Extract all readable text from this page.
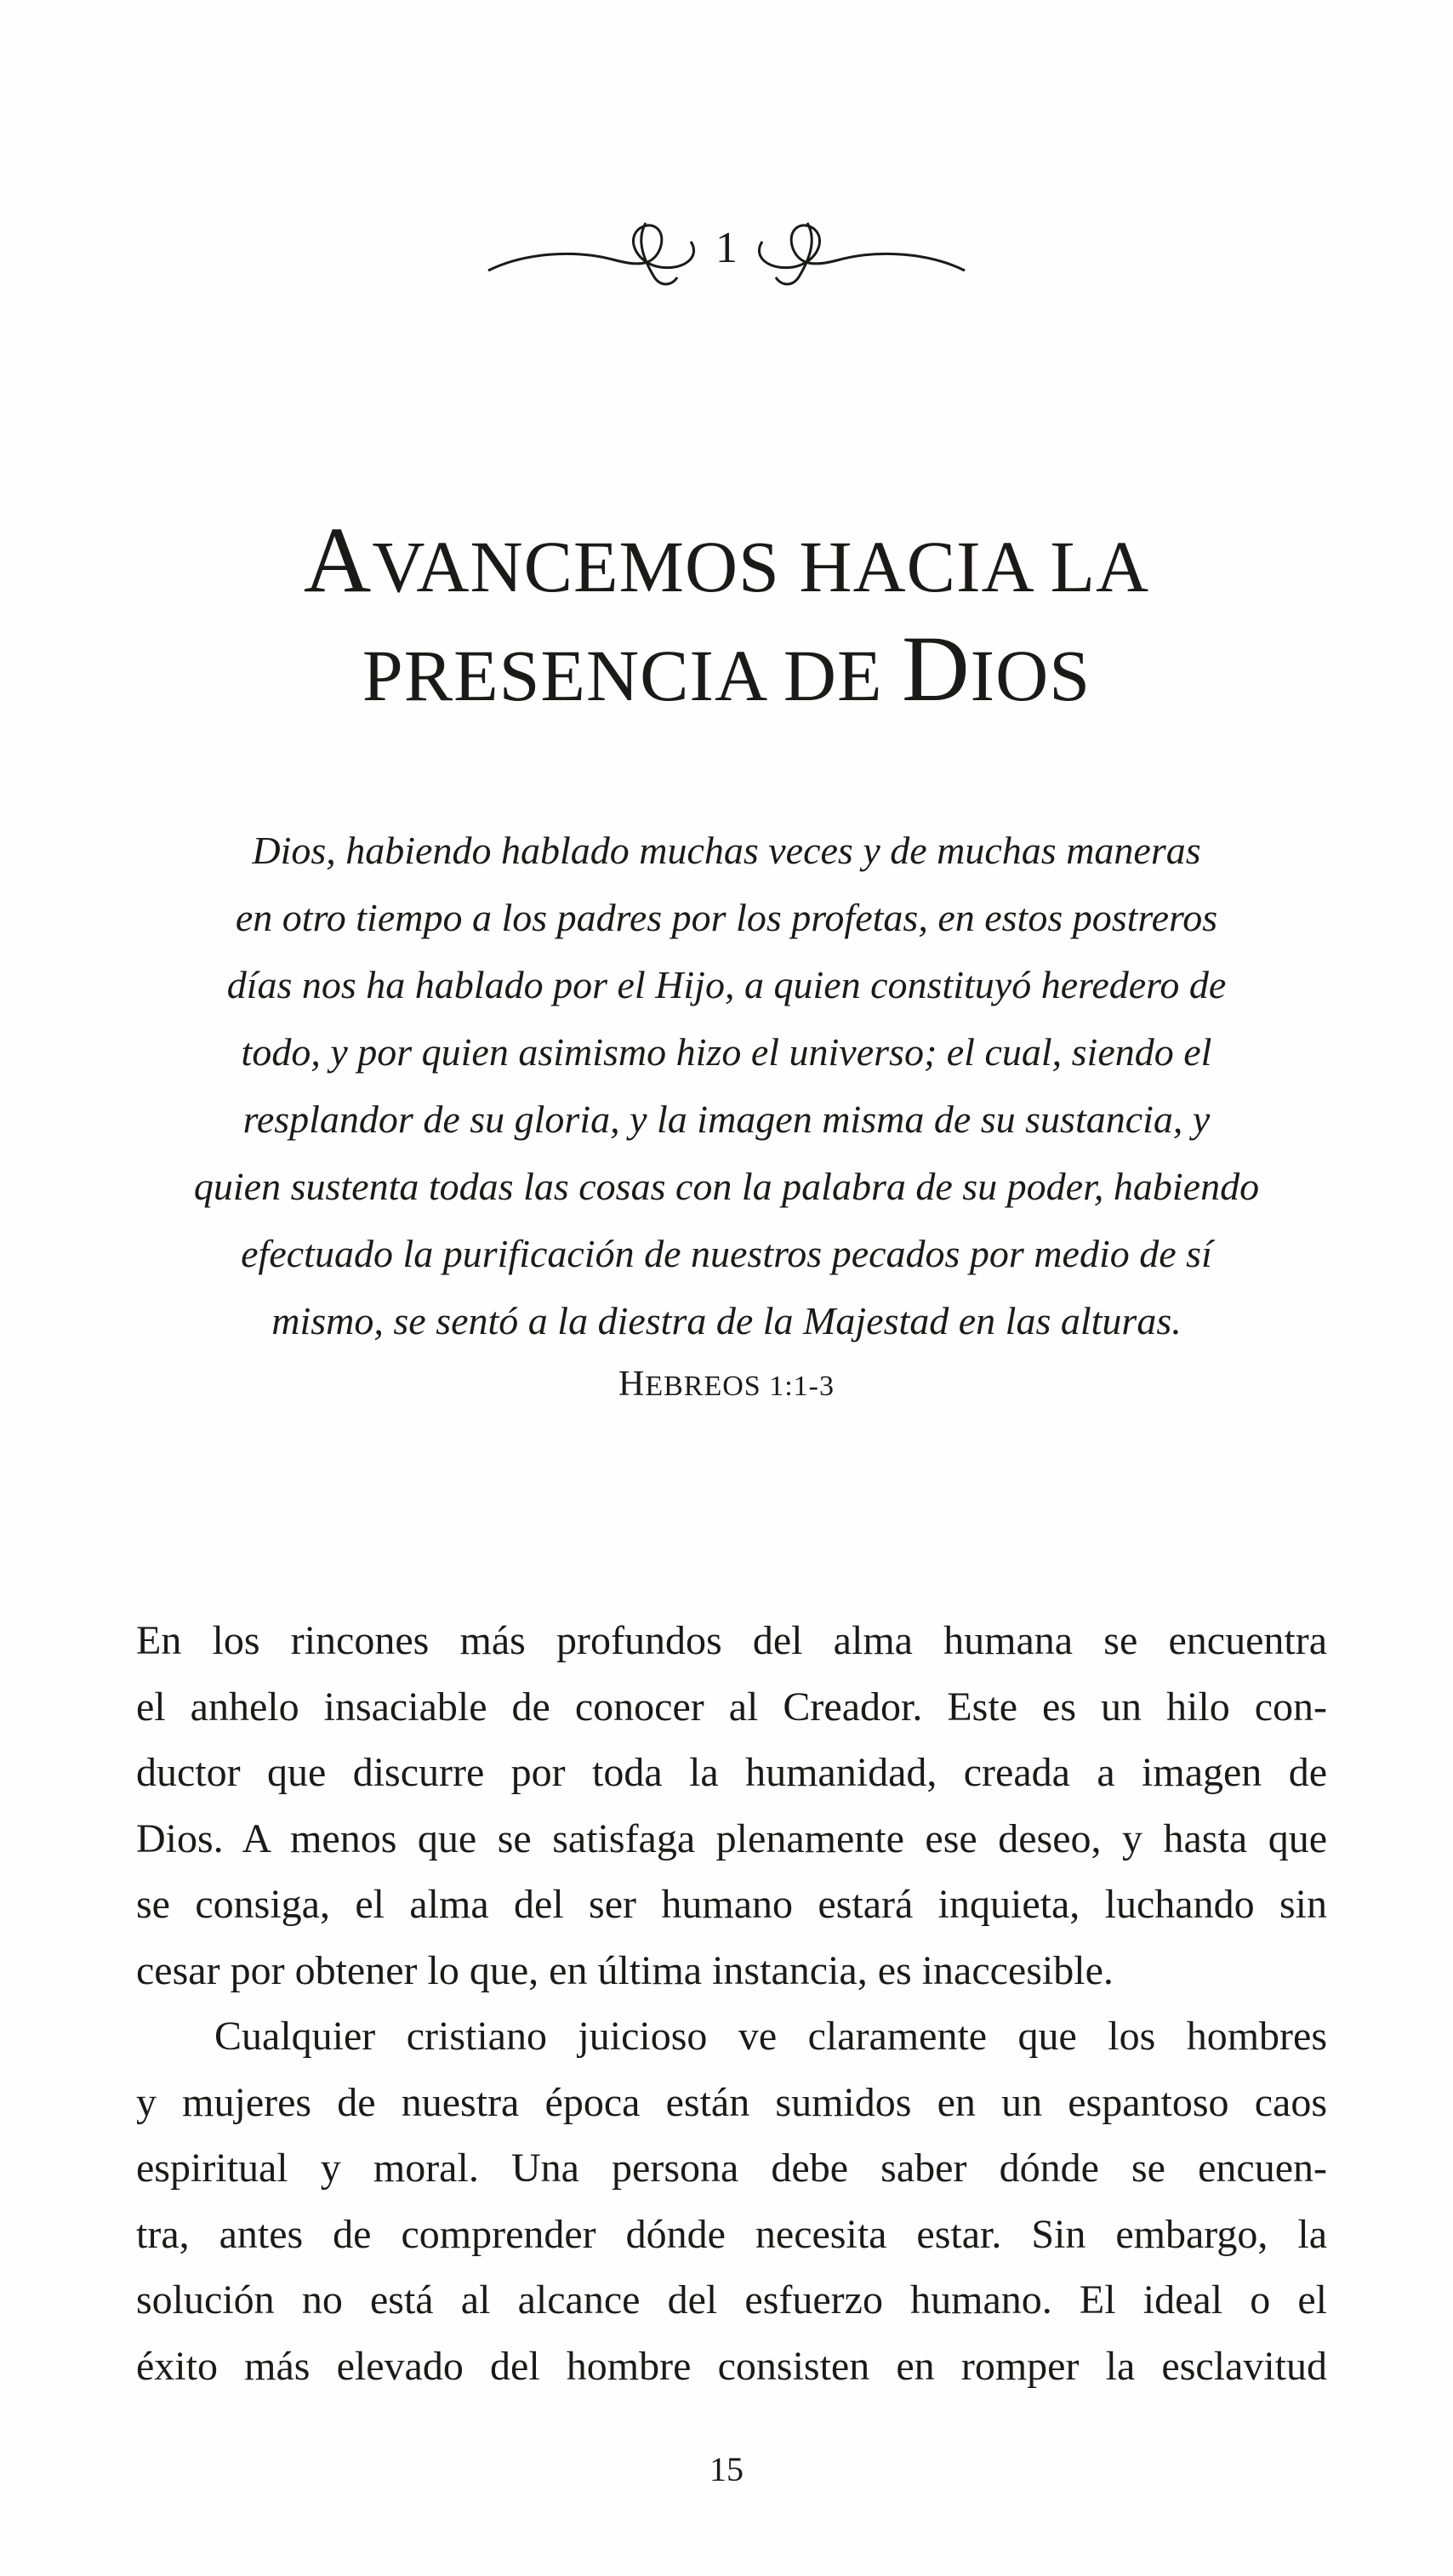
1
AVANCEMOS HACIA LA
PRESENCIA DE DIOS
Dios, habiendo hablado muchas veces y de muchas maneras
en otro tiempo a los padres por los profetas, en estos postreros
días nos ha hablado por el Hijo, a quien constituyó heredero de
todo, y por quien asimismo hizo el universo; el cual, siendo el
resplandor de su gloria, y la imagen misma de su sustancia, y
quien sustenta todas las cosas con la palabra de su poder, habiendo
efectuado la purificación de nuestros pecados por medio de sí
mismo, se sentó a la diestra de la Majestad en las alturas.
HEBREOS 1:1-3
En los rincones más profundos del alma humana se encuentra
el anhelo insaciable de conocer al Creador. Este es un hilo con-
ductor que discurre por toda la humanidad, creada a imagen de
Dios. A menos que se satisfaga plenamente ese deseo, y hasta que
se consiga, el alma del ser humano estará inquieta, luchando sin
cesar por obtener lo que, en última instancia, es inaccesible.
Cualquier cristiano juicioso ve claramente que los hombres
y mujeres de nuestra época están sumidos en un espantoso caos
espiritual y moral. Una persona debe saber dónde se encuen-
tra, antes de comprender dónde necesita estar. Sin embargo, la
solución no está al alcance del esfuerzo humano. El ideal o el
éxito más elevado del hombre consisten en romper la esclavitud
15
